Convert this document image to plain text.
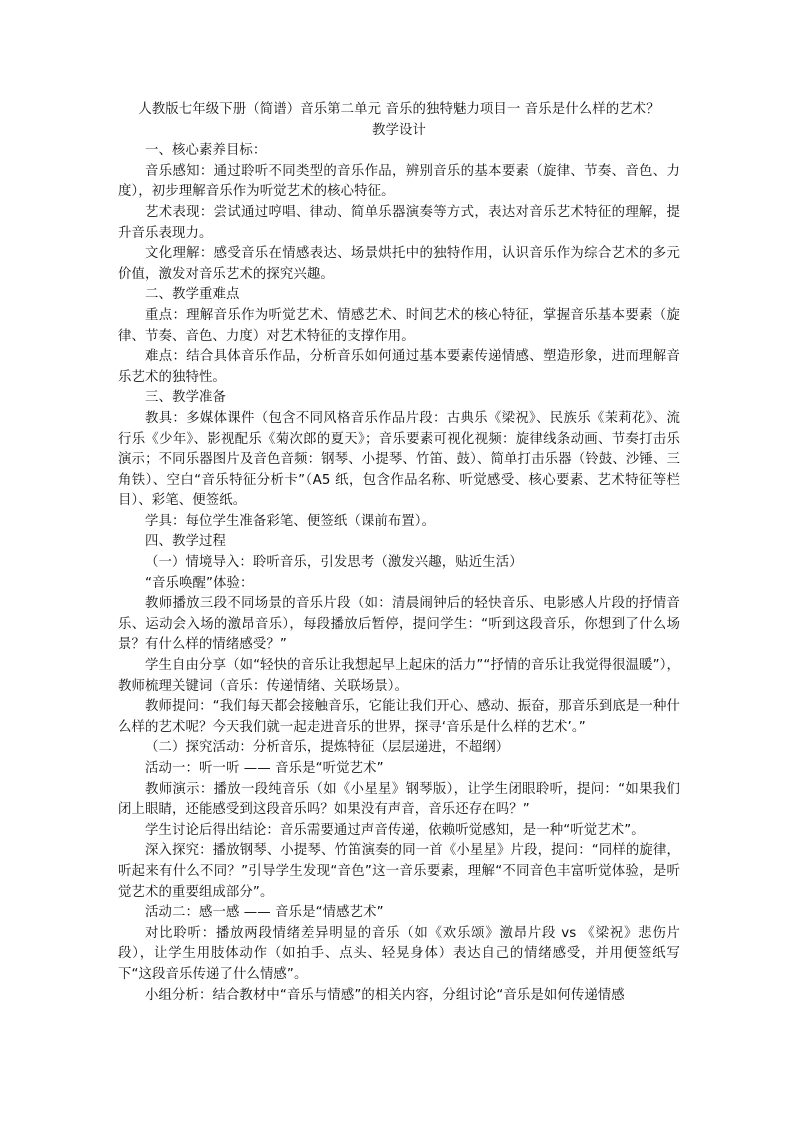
人教版七年级下册（简谱）音乐第二单元 音乐的独特魅力项目一 音乐是什么样的艺术？
教学设计

一、核心素养目标：

音乐感知：通过聆听不同类型的音乐作品，辨别音乐的基本要素（旋律、节奏、音色、力度），初步理解音乐作为听觉艺术的核心特征。

艺术表现：尝试通过哼唱、律动、简单乐器演奏等方式，表达对音乐艺术特征的理解，提升音乐表现力。

文化理解：感受音乐在情感表达、场景烘托中的独特作用，认识音乐作为综合艺术的多元价值，激发对音乐艺术的探究兴趣。

二、教学重难点

重点：理解音乐作为听觉艺术、情感艺术、时间艺术的核心特征，掌握音乐基本要素（旋律、节奏、音色、力度）对艺术特征的支撑作用。

难点：结合具体音乐作品，分析音乐如何通过基本要素传递情感、塑造形象，进而理解音乐艺术的独特性。

三、教学准备

教具：多媒体课件（包含不同风格音乐作品片段：古典乐《梁祝》、民族乐《茉莉花》、流行乐《少年》、影视配乐《菊次郎的夏天》；音乐要素可视化视频：旋律线条动画、节奏打击乐演示；不同乐器图片及音色音频：钢琴、小提琴、竹笛、鼓）、简单打击乐器（铃鼓、沙锤、三角铁）、空白“音乐特征分析卡”（A5 纸，包含作品名称、听觉感受、核心要素、艺术特征等栏目）、彩笔、便签纸。

学具：每位学生准备彩笔、便签纸（课前布置）。

四、教学过程

（一）情境导入：聆听音乐，引发思考（激发兴趣，贴近生活）

“音乐唤醒”体验：

教师播放三段不同场景的音乐片段（如：清晨闹钟后的轻快音乐、电影感人片段的抒情音乐、运动会入场的激昂音乐），每段播放后暂停，提问学生：“听到这段音乐，你想到了什么场景？有什么样的情绪感受？”

学生自由分享（如“轻快的音乐让我想起早上起床的活力”“抒情的音乐让我觉得很温暖”），教师梳理关键词（音乐：传递情绪、关联场景）。

教师提问：“我们每天都会接触音乐，它能让我们开心、感动、振奋，那音乐到底是一种什么样的艺术呢？今天我们就一起走进音乐的世界，探寻‘音乐是什么样的艺术’。”

（二）探究活动：分析音乐，提炼特征（层层递进，不超纲）

活动一：听一听 —— 音乐是“听觉艺术”

教师演示：播放一段纯音乐（如《小星星》钢琴版），让学生闭眼聆听，提问：“如果我们闭上眼睛，还能感受到这段音乐吗？如果没有声音，音乐还存在吗？”

学生讨论后得出结论：音乐需要通过声音传递，依赖听觉感知，是一种“听觉艺术”。

深入探究：播放钢琴、小提琴、竹笛演奏的同一首《小星星》片段，提问：“同样的旋律，听起来有什么不同？”引导学生发现“音色”这一音乐要素，理解“不同音色丰富听觉体验，是听觉艺术的重要组成部分”。

活动二：感一感 —— 音乐是“情感艺术”

对比聆听：播放两段情绪差异明显的音乐（如《欢乐颂》激昂片段 vs 《梁祝》悲伤片段），让学生用肢体动作（如拍手、点头、轻晃身体）表达自己的情绪感受，并用便签纸写下“这段音乐传递了什么情感”。

小组分析：结合教材中“音乐与情感”的相关内容，分组讨论“音乐是如何传递情感
